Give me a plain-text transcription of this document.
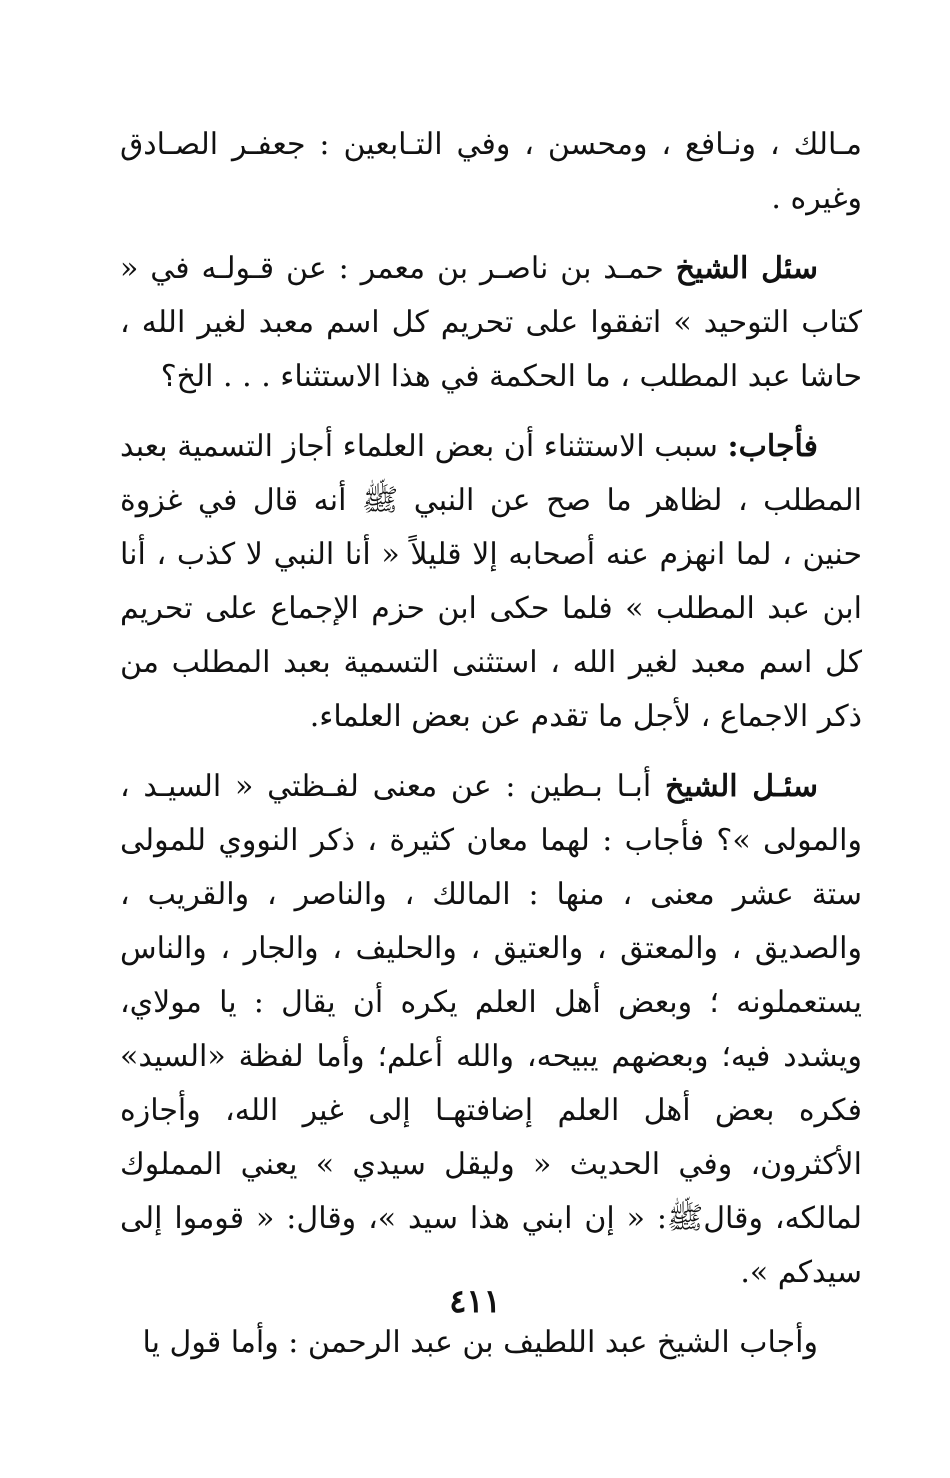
مـالك ، ونـافع ، ومحسن ، وفي التـابعين : جعفـر الصـادق وغيره .

سئل الشيخ حمـد بن ناصـر بن معمر : عن قـولـه في « كتاب التوحيد » اتفقوا على تحريم كل اسم معبد لغير الله ، حاشا عبد المطلب ، ما الحكمة في هذا الاستثناء . . . الخ؟

فأجاب: سبب الاستثناء أن بعض العلماء أجاز التسمية بعبد المطلب ، لظاهر ما صح عن النبي ﷺ أنه قال في غزوة حنين ، لما انهزم عنه أصحابه إلا قليلاً « أنا النبي لا كذب ، أنا ابن عبد المطلب » فلما حكى ابن حزم الإجماع على تحريم كل اسم معبد لغير الله ، استثنى التسمية بعبد المطلب من ذكر الاجماع ، لأجل ما تقدم عن بعض العلماء.

سئـل الشيخ أبـا بـطين : عن معنى لفـظتي « السيـد ، والمولى »؟ فأجاب : لهما معان كثيرة ، ذكر النووي للمولى ستة عشر معنى ، منها : المالك ، والناصر ، والقريب ، والصديق ، والمعتق ، والعتيق ، والحليف ، والجار ، والناس يستعملونه ؛ وبعض أهل العلم يكره أن يقال : يا مولاي، ويشدد فيه؛ وبعضهم يبيحه، والله أعلم؛ وأما لفظة «السيد» فكره بعض أهل العلم إضافتهـا إلى غير الله، وأجازه الأكثرون، وفي الحديث « وليقل سيدي » يعني المملوك لمالكه، وقالﷺ: « إن ابني هذا سيد »، وقال: « قوموا إلى سيدكم ».

وأجاب الشيخ عبد اللطيف بن عبد الرحمن : وأما قول يا

٤١١
